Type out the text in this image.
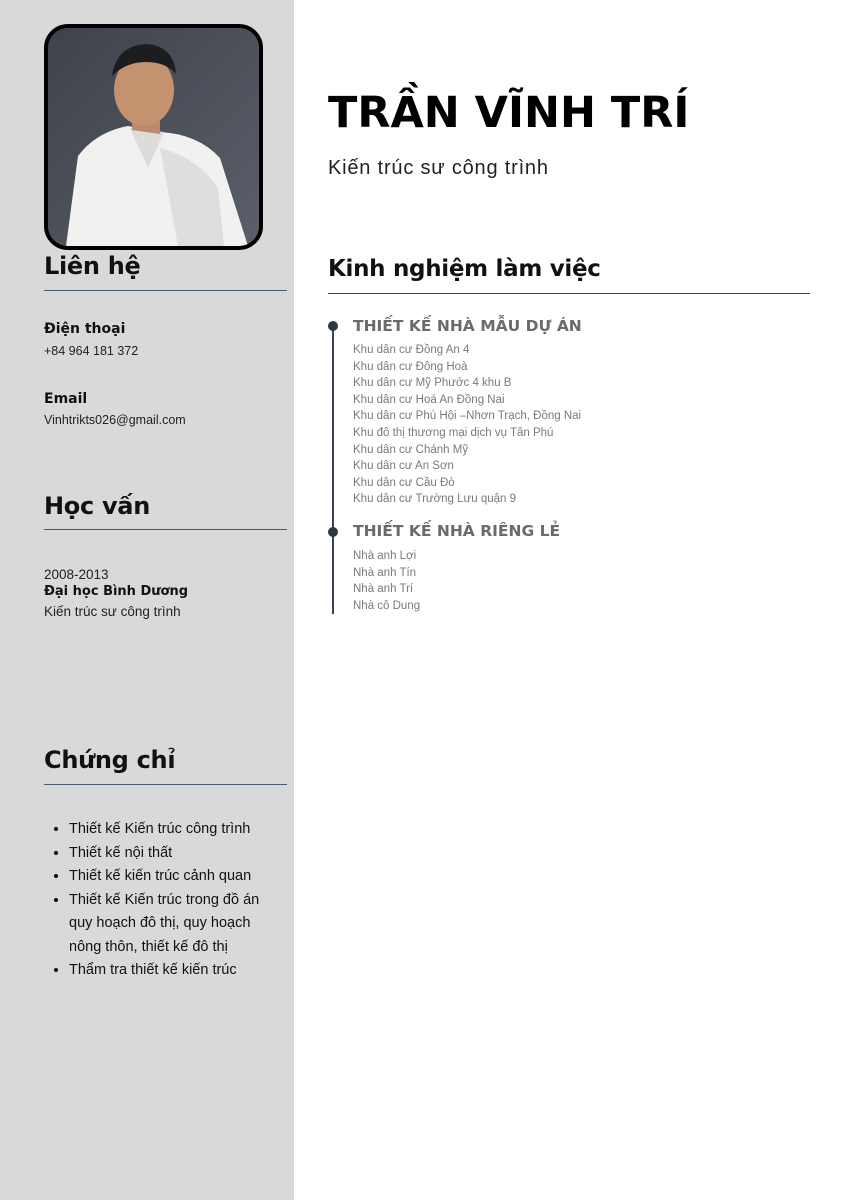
Liên hệ
Điện thoại
+84 964 181 372
Email
Vinhtrikts026@gmail.com
Học vấn
2008-2013
Đại học Bình Dương
Kiến trúc sư công trình
Chứng chỉ
• Thiết kế Kiến trúc công trình
• Thiết kế nội thất
• Thiết kế kiến trúc cảnh quan
• Thiết kế Kiến trúc trong đồ án quy hoạch đô thị, quy hoạch nông thôn, thiết kế đô thị
• Thẩm tra thiết kế kiến trúc
TRẦN VĨNH TRÍ
Kiến trúc sư công trình
Kinh nghiệm làm việc
THIẾT KẾ NHÀ MẪU DỰ ÁN
Khu dân cư Đồng An 4
Khu dân cư Đông Hoà
Khu dân cư Mỹ Phước 4 khu B
Khu dân cư Hoá An Đồng Nai
Khu dân cư Phú Hội –Nhơn Trạch, Đồng Nai
Khu đô thị thương mại dịch vụ Tân Phú
Khu dân cư Chánh Mỹ
Khu dân cư An Sơn
Khu dân cư Cầu Đò
Khu dân cư Trường Lưu quận 9
THIẾT KẾ NHÀ RIÊNG LẺ
Nhà anh Lợi
Nhà anh Tín
Nhà anh Trí
Nhà cô Dung
